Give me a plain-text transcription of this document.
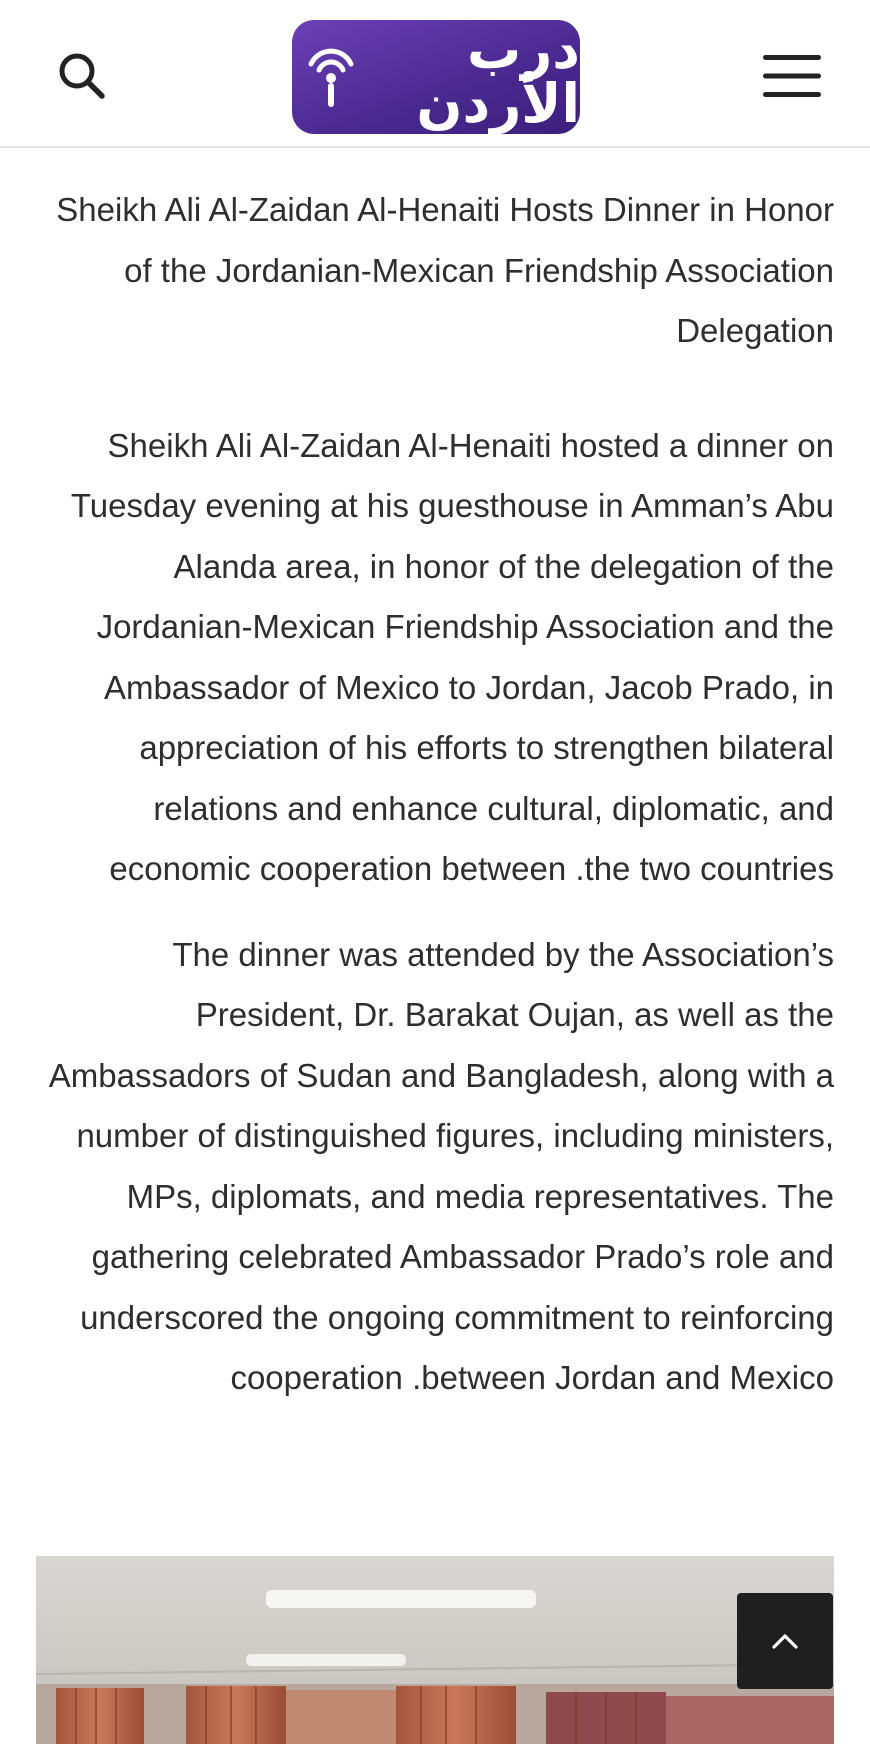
درب الأردن

Sheikh Ali Al-Zaidan Al-Henaiti Hosts Dinner in Honor of the Jordanian-Mexican Friendship Association Delegation

Sheikh Ali Al-Zaidan Al-Henaiti hosted a dinner on Tuesday evening at his guesthouse in Amman’s Abu Alanda area, in honor of the delegation of the Jordanian-Mexican Friendship Association and the Ambassador of Mexico to Jordan, Jacob Prado, in appreciation of his efforts to strengthen bilateral relations and enhance cultural, diplomatic, and economic cooperation between .the two countries

The dinner was attended by the Association’s President, Dr. Barakat Oujan, as well as the Ambassadors of Sudan and Bangladesh, along with a number of distinguished figures, including ministers, MPs, diplomats, and media representatives. The gathering celebrated Ambassador Prado’s role and underscored the ongoing commitment to reinforcing cooperation .between Jordan and Mexico
